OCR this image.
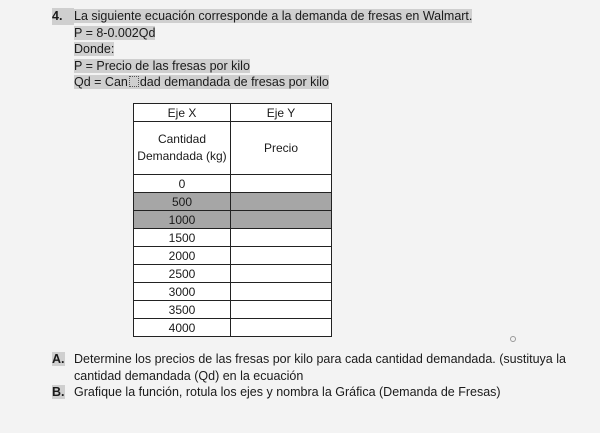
4. La siguiente ecuación corresponde a la demanda de fresas en Walmart.
P = 8-0.002Qd
Donde:
P = Precio de las fresas por kilo
Qd = Can dad demandada de fresas por kilo
Eje X	Eje Y

Cantidad
Demandada (kg)	Precio
0	
500	
1000	
1500	
2000	
2500	
3000	
3500	
4000	
A. Determine los precios de las fresas por kilo para cada cantidad demandada. (sustituya la cantidad demandada (Qd) en la ecuación
B. Grafique la función, rotula los ejes y nombra la Gráfica (Demanda de Fresas)
